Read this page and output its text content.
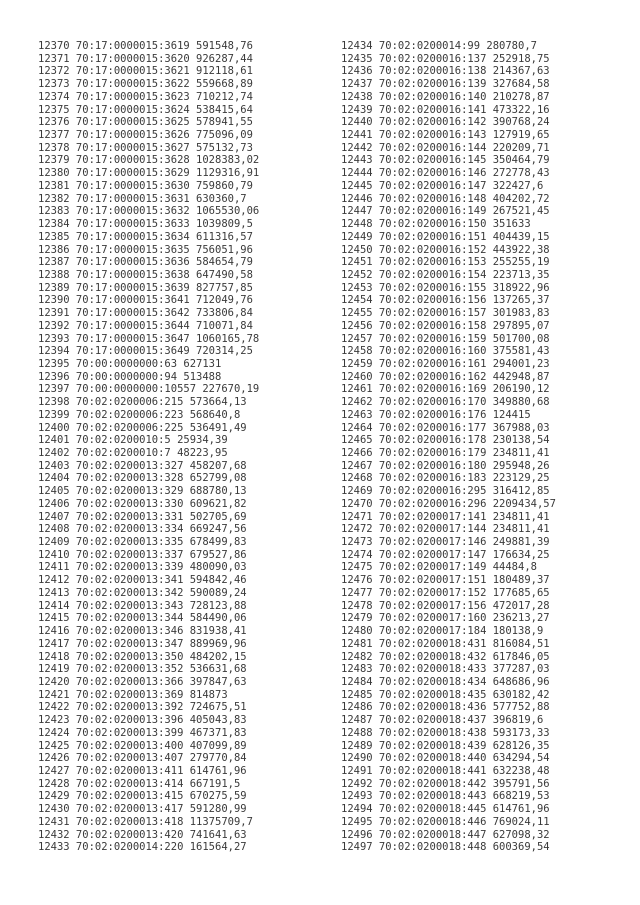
12370 70:17:0000015:3619 591548,76
12371 70:17:0000015:3620 926287,44
12372 70:17:0000015:3621 912118,61
12373 70:17:0000015:3622 559668,89
12374 70:17:0000015:3623 710212,74
12375 70:17:0000015:3624 538415,64
12376 70:17:0000015:3625 578941,55
12377 70:17:0000015:3626 775096,09
12378 70:17:0000015:3627 575132,73
12379 70:17:0000015:3628 1028383,02
12380 70:17:0000015:3629 1129316,91
12381 70:17:0000015:3630 759860,79
12382 70:17:0000015:3631 630360,7
12383 70:17:0000015:3632 1065530,06
12384 70:17:0000015:3633 1039809,5
12385 70:17:0000015:3634 611316,57
12386 70:17:0000015:3635 756051,96
12387 70:17:0000015:3636 584654,79
12388 70:17:0000015:3638 647490,58
12389 70:17:0000015:3639 827757,85
12390 70:17:0000015:3641 712049,76
12391 70:17:0000015:3642 733806,84
12392 70:17:0000015:3644 710071,84
12393 70:17:0000015:3647 1060165,78
12394 70:17:0000015:3649 720314,25
12395 70:00:0000000:63 627131
12396 70:00:0000000:94 513488
12397 70:00:0000000:10557 227670,19
12398 70:02:0200006:215 573664,13
12399 70:02:0200006:223 568640,8
12400 70:02:0200006:225 536491,49
12401 70:02:0200010:5 25934,39
12402 70:02:0200010:7 48223,95
12403 70:02:0200013:327 458207,68
12404 70:02:0200013:328 652799,08
12405 70:02:0200013:329 688780,13
12406 70:02:0200013:330 609621,82
12407 70:02:0200013:331 502705,69
12408 70:02:0200013:334 669247,56
12409 70:02:0200013:335 678499,83
12410 70:02:0200013:337 679527,86
12411 70:02:0200013:339 480090,03
12412 70:02:0200013:341 594842,46
12413 70:02:0200013:342 590089,24
12414 70:02:0200013:343 728123,88
12415 70:02:0200013:344 584490,06
12416 70:02:0200013:346 831938,41
12417 70:02:0200013:347 889969,96
12418 70:02:0200013:350 484202,15
12419 70:02:0200013:352 536631,68
12420 70:02:0200013:366 397847,63
12421 70:02:0200013:369 814873
12422 70:02:0200013:392 724675,51
12423 70:02:0200013:396 405043,83
12424 70:02:0200013:399 467371,83
12425 70:02:0200013:400 407099,89
12426 70:02:0200013:407 279770,84
12427 70:02:0200013:411 614761,96
12428 70:02:0200013:414 667191,5
12429 70:02:0200013:415 670275,59
12430 70:02:0200013:417 591280,99
12431 70:02:0200013:418 11375709,7
12432 70:02:0200013:420 741641,63
12433 70:02:0200014:220 161564,27
12434 70:02:0200014:99 280780,7
12435 70:02:0200016:137 252918,75
12436 70:02:0200016:138 214367,63
12437 70:02:0200016:139 327684,58
12438 70:02:0200016:140 210278,87
12439 70:02:0200016:141 473322,16
12440 70:02:0200016:142 390768,24
12441 70:02:0200016:143 127919,65
12442 70:02:0200016:144 220209,71
12443 70:02:0200016:145 350464,79
12444 70:02:0200016:146 272778,43
12445 70:02:0200016:147 322427,6
12446 70:02:0200016:148 404202,72
12447 70:02:0200016:149 267521,45
12448 70:02:0200016:150 351633
12449 70:02:0200016:151 404439,15
12450 70:02:0200016:152 443922,38
12451 70:02:0200016:153 255255,19
12452 70:02:0200016:154 223713,35
12453 70:02:0200016:155 318922,96
12454 70:02:0200016:156 137265,37
12455 70:02:0200016:157 301983,83
12456 70:02:0200016:158 297895,07
12457 70:02:0200016:159 501700,08
12458 70:02:0200016:160 375581,43
12459 70:02:0200016:161 294001,23
12460 70:02:0200016:162 442948,87
12461 70:02:0200016:169 206190,12
12462 70:02:0200016:170 349880,68
12463 70:02:0200016:176 124415
12464 70:02:0200016:177 367988,03
12465 70:02:0200016:178 230138,54
12466 70:02:0200016:179 234811,41
12467 70:02:0200016:180 295948,26
12468 70:02:0200016:183 223129,25
12469 70:02:0200016:295 316412,85
12470 70:02:0200016:296 2209434,57
12471 70:02:0200017:141 234811,41
12472 70:02:0200017:144 234811,41
12473 70:02:0200017:146 249881,39
12474 70:02:0200017:147 176634,25
12475 70:02:0200017:149 44484,8
12476 70:02:0200017:151 180489,37
12477 70:02:0200017:152 177685,65
12478 70:02:0200017:156 472017,28
12479 70:02:0200017:160 236213,27
12480 70:02:0200017:184 180138,9
12481 70:02:0200018:431 816084,51
12482 70:02:0200018:432 617846,05
12483 70:02:0200018:433 377287,03
12484 70:02:0200018:434 648686,96
12485 70:02:0200018:435 630182,42
12486 70:02:0200018:436 577752,88
12487 70:02:0200018:437 396819,6
12488 70:02:0200018:438 593173,33
12489 70:02:0200018:439 628126,35
12490 70:02:0200018:440 634294,54
12491 70:02:0200018:441 632238,48
12492 70:02:0200018:442 395791,56
12493 70:02:0200018:443 668219,53
12494 70:02:0200018:445 614761,96
12495 70:02:0200018:446 769024,11
12496 70:02:0200018:447 627098,32
12497 70:02:0200018:448 600369,54
